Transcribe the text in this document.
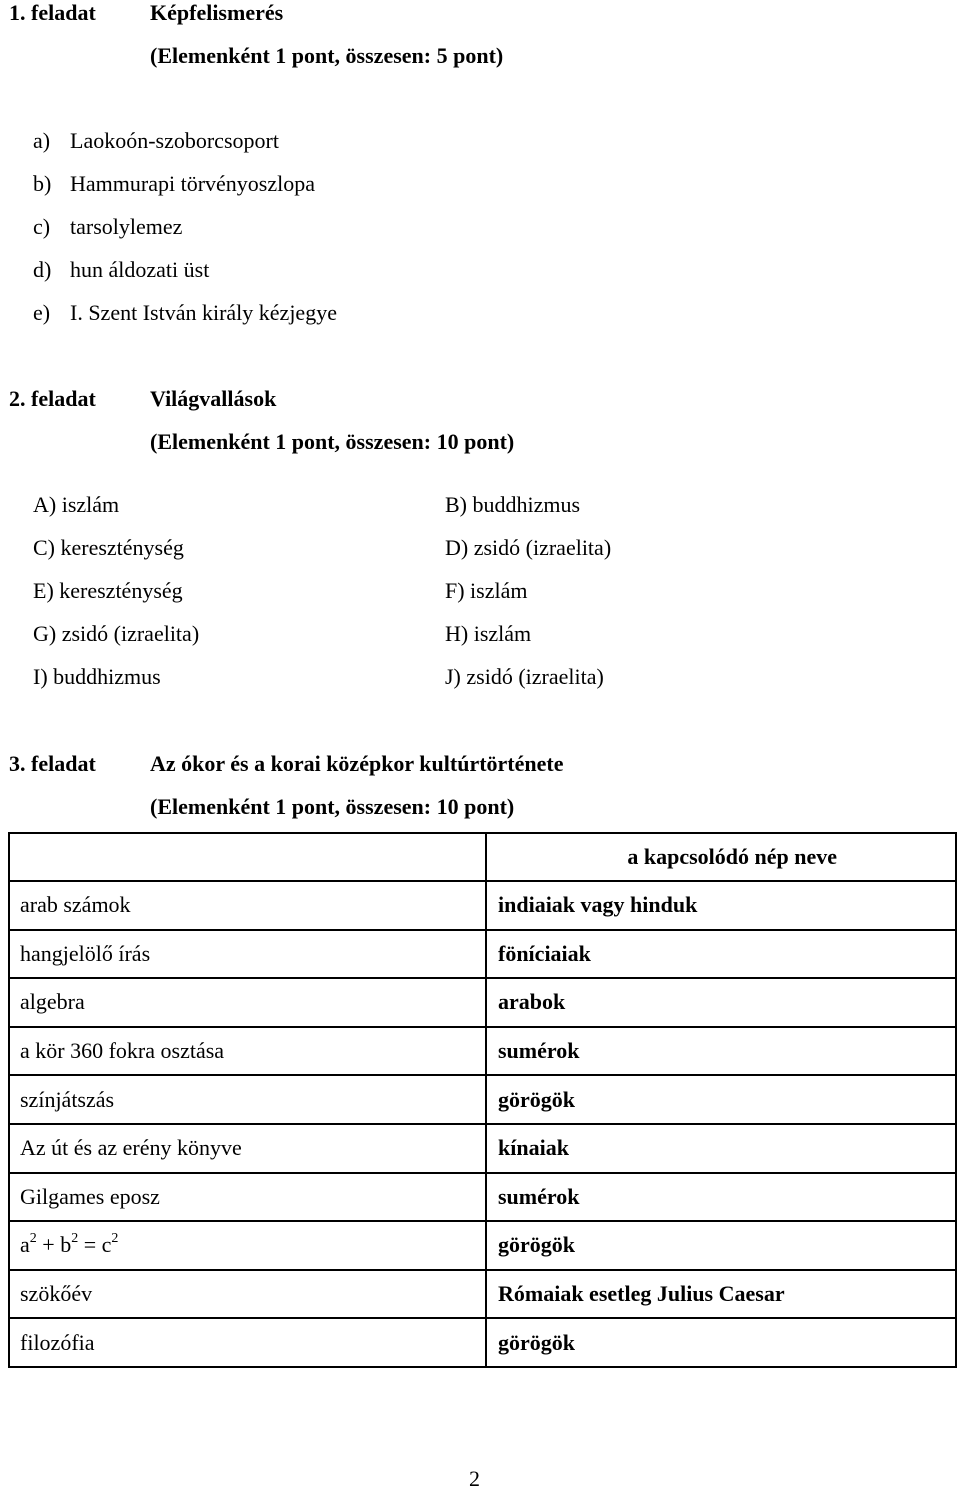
1. feladat Képfelismerés
(Elemenként 1 pont, összesen: 5 pont)
a) Laokoón-szoborcsoport
b) Hammurapi törvényoszlopa
c) tarsolylemez
d) hun áldozati üst
e) I. Szent István király kézjegye
2. feladat Világvallások
(Elemenként 1 pont, összesen: 10 pont)
A) iszlám	B) buddhizmus
C) kereszténység	D) zsidó (izraelita)
E) kereszténység	F) iszlám
G) zsidó (izraelita)	H) iszlám
I) buddhizmus	J) zsidó (izraelita)
3. feladat Az ókor és a korai középkor kultúrtörténete
(Elemenként 1 pont, összesen: 10 pont)
	a kapcsolódó nép neve
arab számok	indiaiak vagy hinduk
hangjelölő írás	föníciaiak
algebra	arabok
a kör 360 fokra osztása	sumérok
színjátszás	görögök
Az út és az erény könyve	kínaiak
Gilgames eposz	sumérok
$a^2 + b^2 = c^2$	görögök
szökőév	Rómaiak esetleg Julius Caesar
filozófia	görögök
2
